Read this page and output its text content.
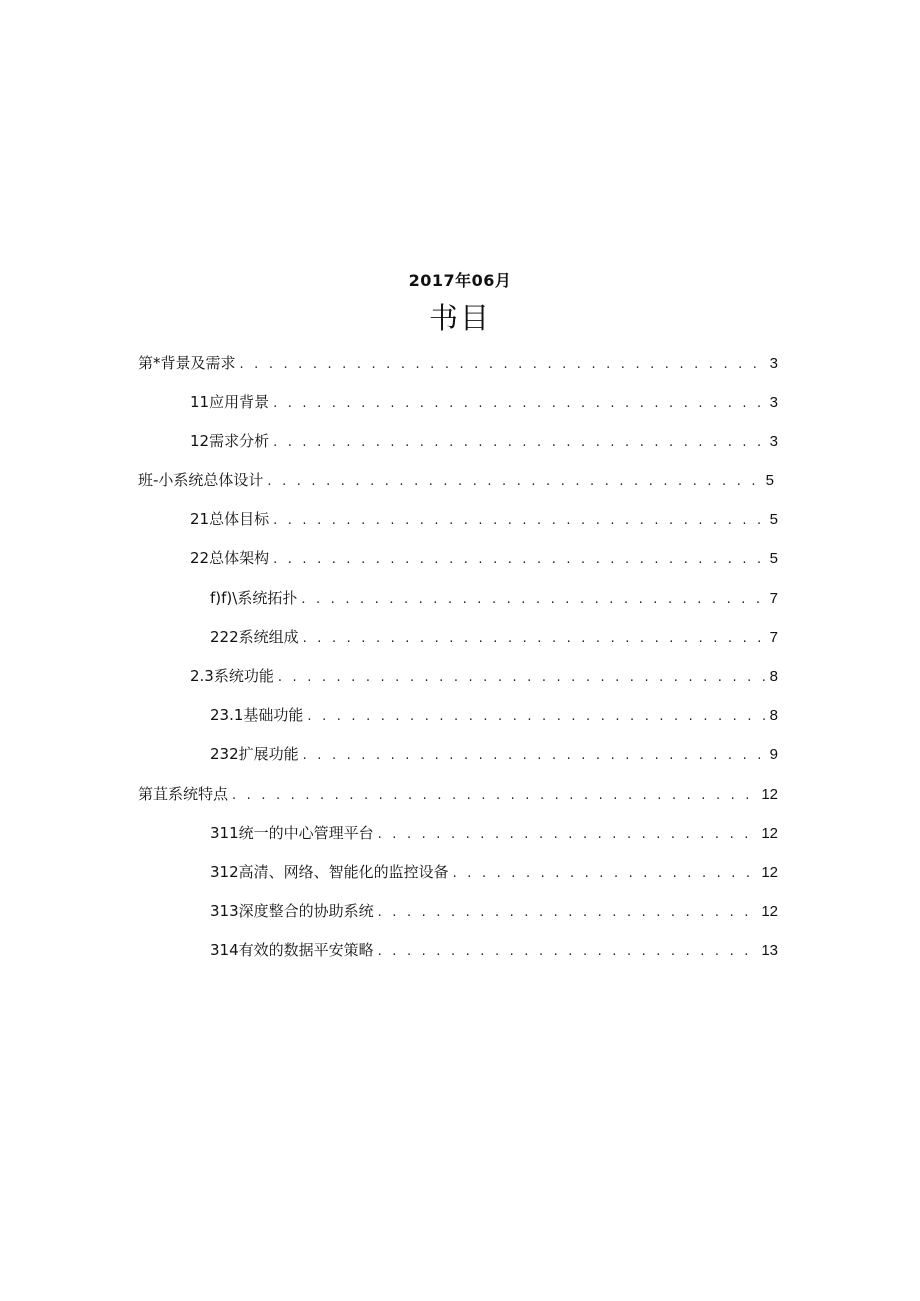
2017年06月
书目
第*背景及需求 . . .	3
11应用背景 . . .	3
12需求分析 . . .	3
班-小系统总体设计 . . .	5
21总体目标 . . .	5
22总体架构 . . .	5
f)f)\系统拓扑 . . .	7
222系统组成 . . .	7
2.3系统功能 . . .	8
23.1基础功能 . . .	8
232扩展功能 . . .	9
第苴系统特点 . . .	12
311统一的中心管理平台 . . .	12
312高清、网络、智能化的监控设备 . . .	12
313深度整合的协助系统 . . .	12
314有效的数据平安策略 . . .	13
